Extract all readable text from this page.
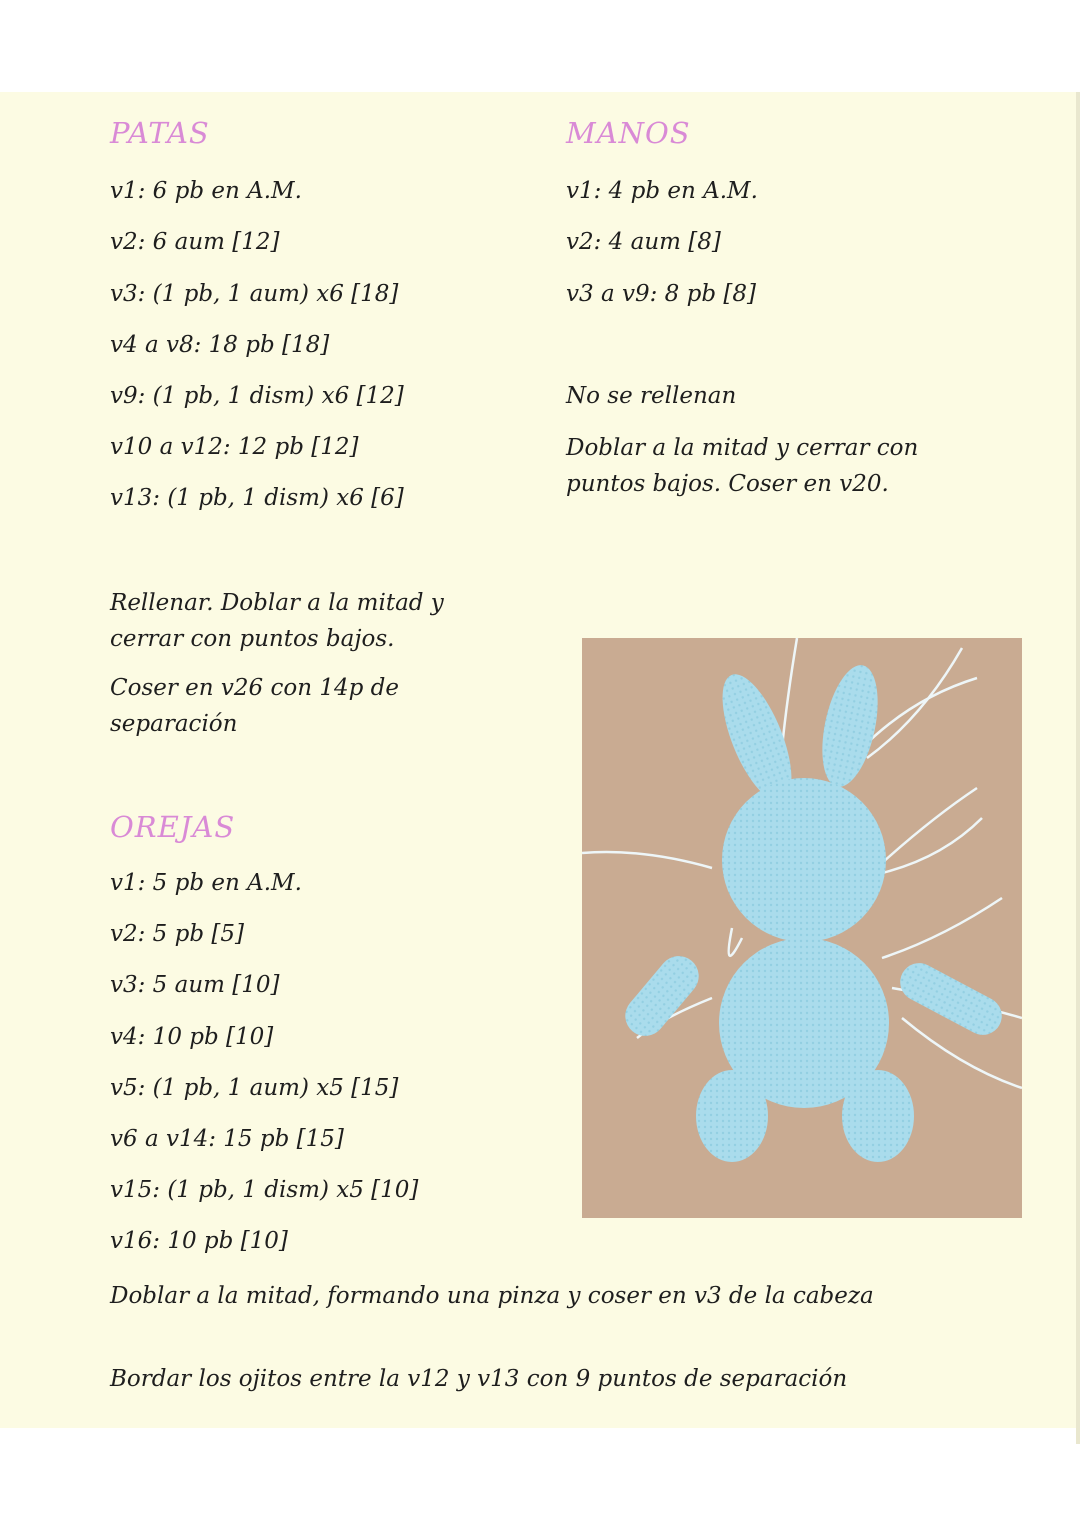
PATAS

v1: 6 pb en A.M.

v2: 6 aum [12]

v3: (1 pb, 1 aum) x6 [18]

v4 a v8: 18 pb [18]

v9: (1 pb, 1 dism) x6 [12]

v10 a v12: 12 pb [12]

v13: (1 pb, 1 dism) x6 [6]

Rellenar. Doblar a la mitad y cerrar con puntos bajos.

Coser en v26 con 14p de separación

MANOS

v1: 4 pb en A.M.

v2: 4 aum [8]

v3 a v9: 8 pb [8]

No se rellenan

Doblar a la mitad y cerrar con puntos bajos. Coser en v20.

OREJAS

v1: 5 pb en A.M.

v2: 5 pb [5]

v3: 5 aum [10]

v4: 10 pb [10]

v5: (1 pb, 1 aum) x5 [15]

v6 a v14: 15 pb [15]

v15: (1 pb, 1 dism) x5 [10]

v16: 10 pb [10]

Doblar a la mitad, formando una pinza y coser en v3 de la cabeza

Bordar los ojitos entre la v12 y v13 con 9 puntos de separación
